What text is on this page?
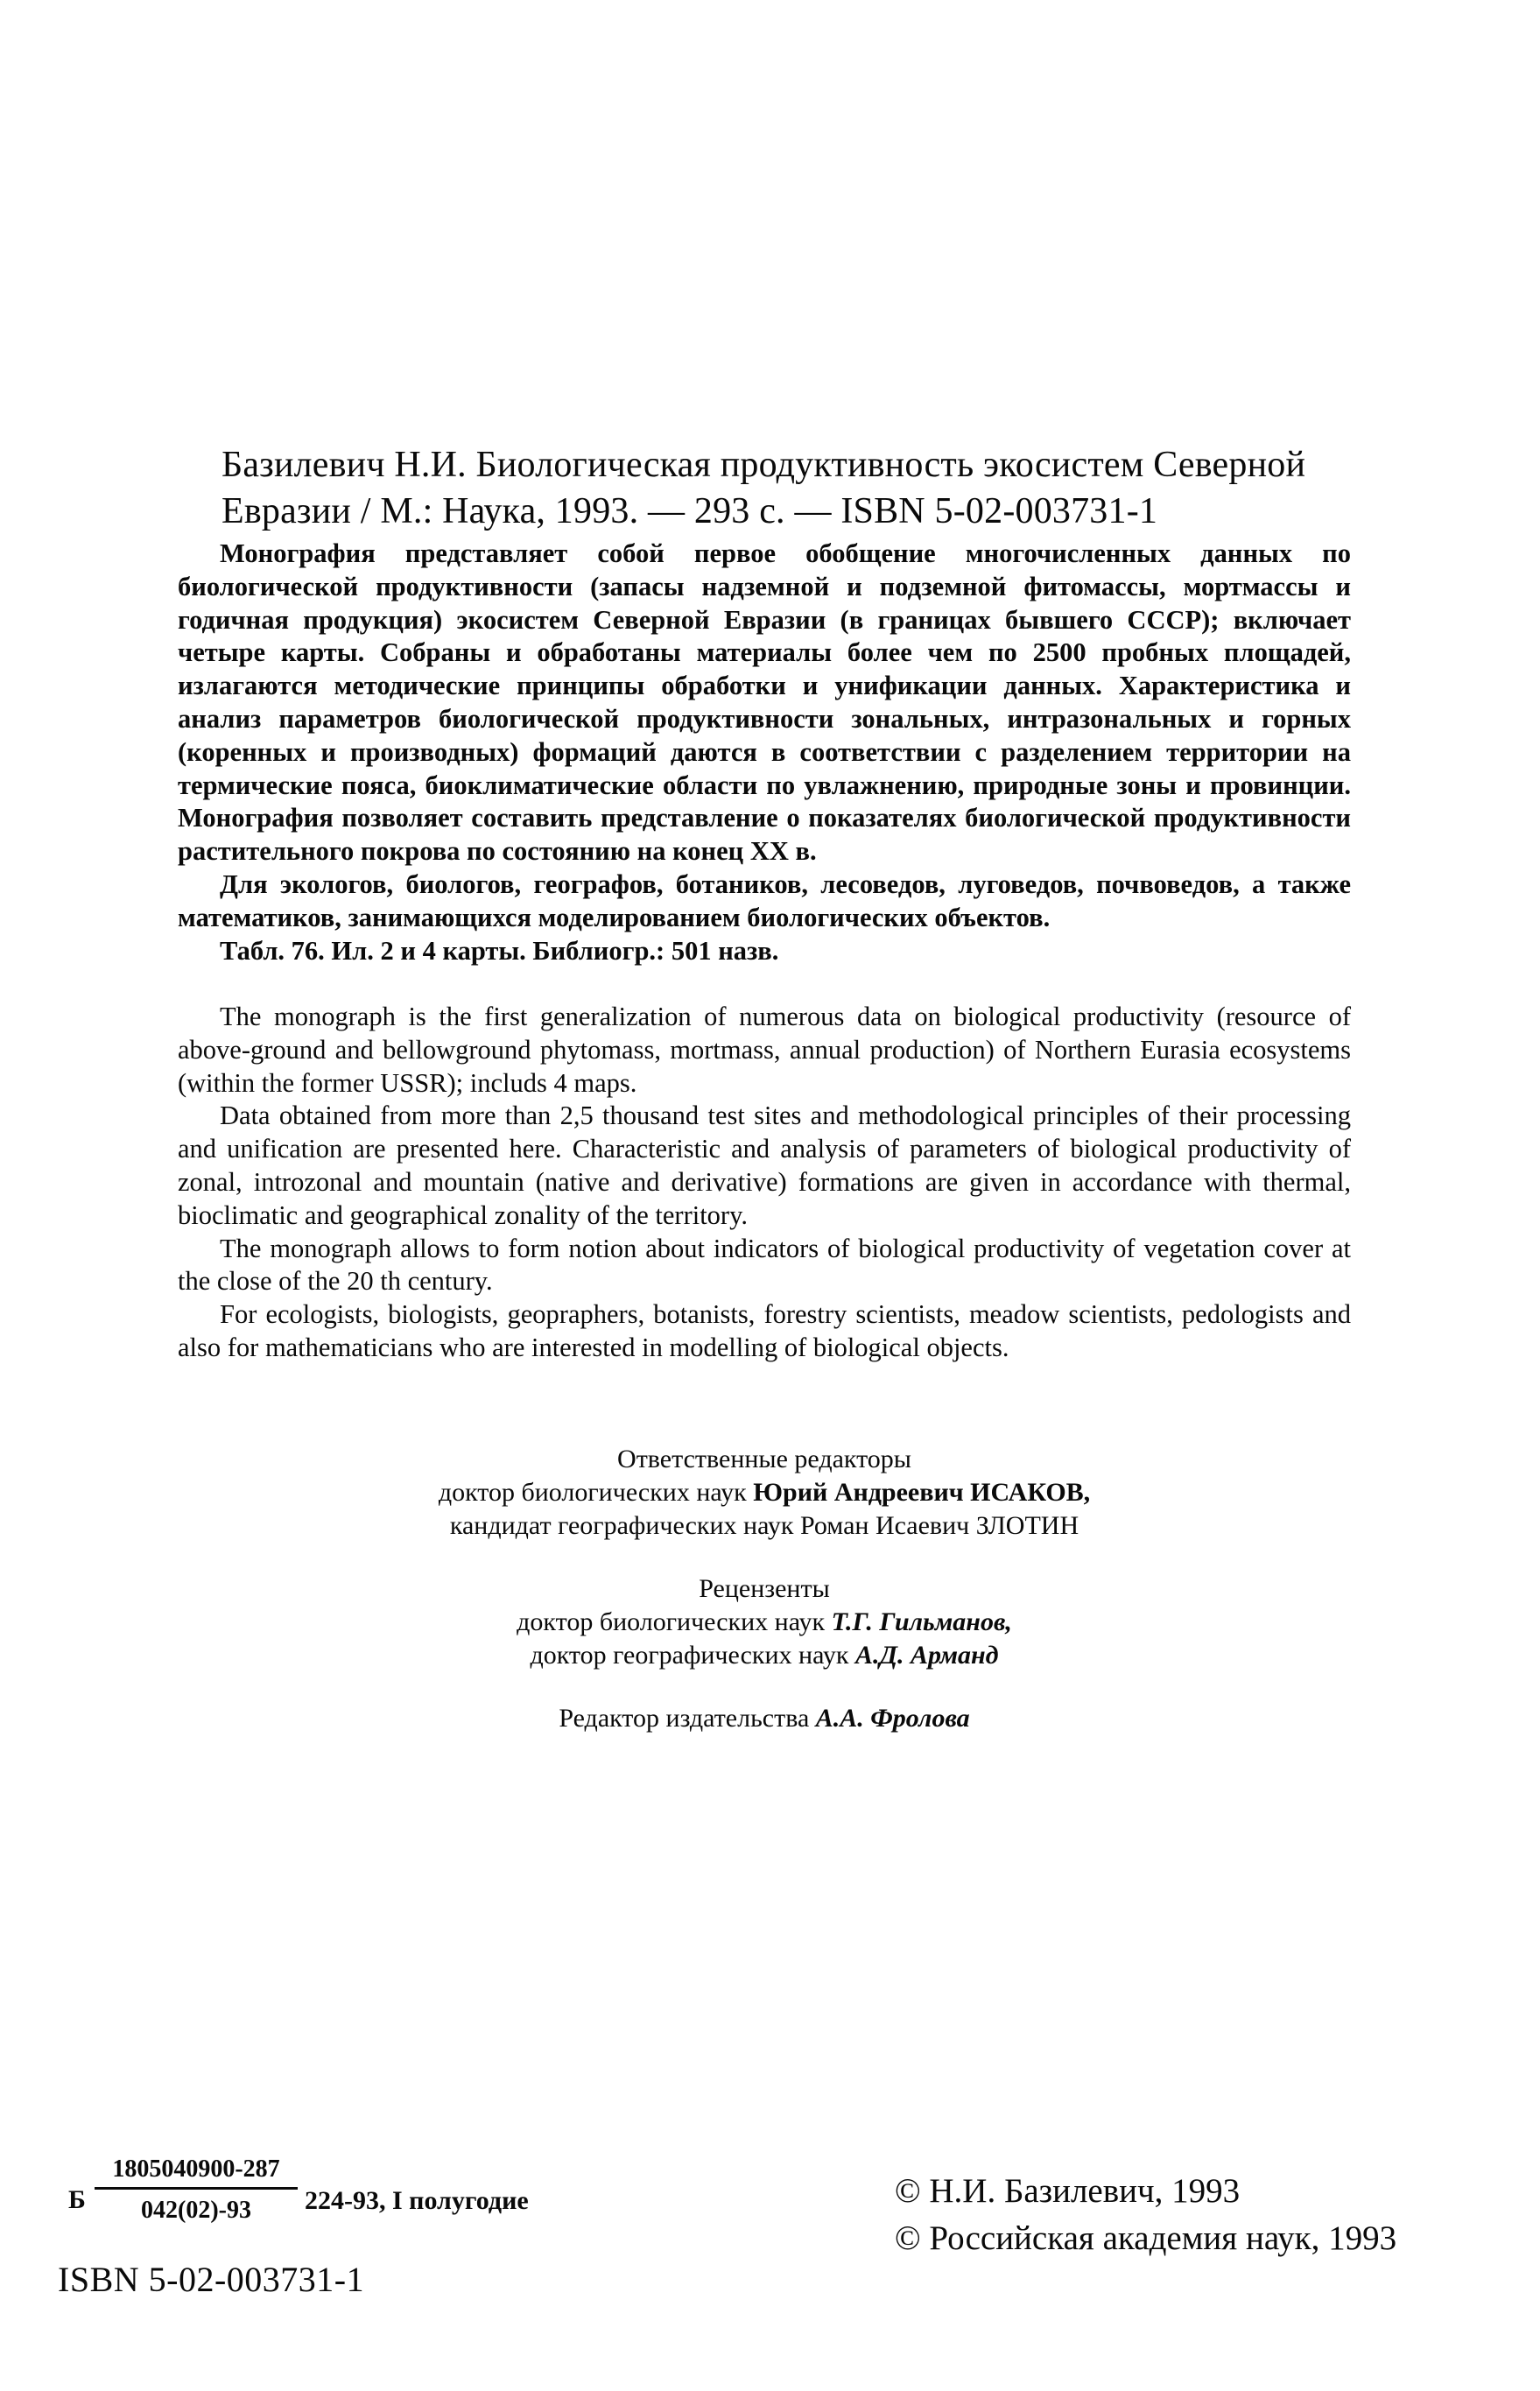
Базилевич Н.И. Биологическая продуктивность экосистем Северной
Евразии / М.: Наука, 1993. — 293 с. — ISBN 5-02-003731-1

Монография представляет собой первое обобщение многочисленных данных по биологической продуктивности (запасы надземной и подземной фитомассы, мортмассы и годичная продукция) экосистем Северной Евразии (в границах бывшего СССР); включает четыре карты. Собраны и обработаны материалы более чем по 2500 пробных площадей, излагаются методические принципы обработки и унификации данных. Характеристика и анализ параметров биологической продуктивности зональных, интразональных и горных (коренных и производных) формаций даются в соответствии с разделением территории на термические пояса, биоклиматические области по увлажнению, природные зоны и провинции. Монография позволяет составить представление о показателях биологической продуктивности растительного покрова по состоянию на конец XX в.

Для экологов, биологов, географов, ботаников, лесоведов, луговедов, почвоведов, а также математиков, занимающихся моделированием биологических объектов.

Табл. 76. Ил. 2 и 4 карты. Библиогр.: 501 назв.

The monograph is the first generalization of numerous data on biological productivity (resource of above-ground and bellowground phytomass, mortmass, annual production) of Northern Eurasia ecosystems (within the former USSR); includs 4 maps.

Data obtained from more than 2,5 thousand test sites and methodological principles of their processing and unification are presented here. Characteristic and analysis of parameters of biological productivity of zonal, introzonal and mountain (native and derivative) formations are given in accordance with thermal, bioclimatic and geographical zonality of the territory.

The monograph allows to form notion about indicators of biological productivity of vegetation cover at the close of the 20 th century.

For ecologists, biologists, geoprаphers, botanists, forestry scientists, meadow scientists, pedologists and also for mathematicians who are interested in modelling of biological objects.

Ответственные редакторы
доктор биологических наук Юрий Андреевич ИСАКОВ,
кандидат географических наук Роман Исаевич ЗЛОТИН
Рецензенты
доктор биологических наук Т.Г. Гильманов,
доктор географических наук А.Д. Арманд
Редактор издательства А.А. Фролова
Б $\frac{1805040900-287}{042(02)-93} 224-93$, I полугодие
ISBN 5-02-003731-1
© Н.И. Базилевич, 1993
© Российская академия наук, 1993
